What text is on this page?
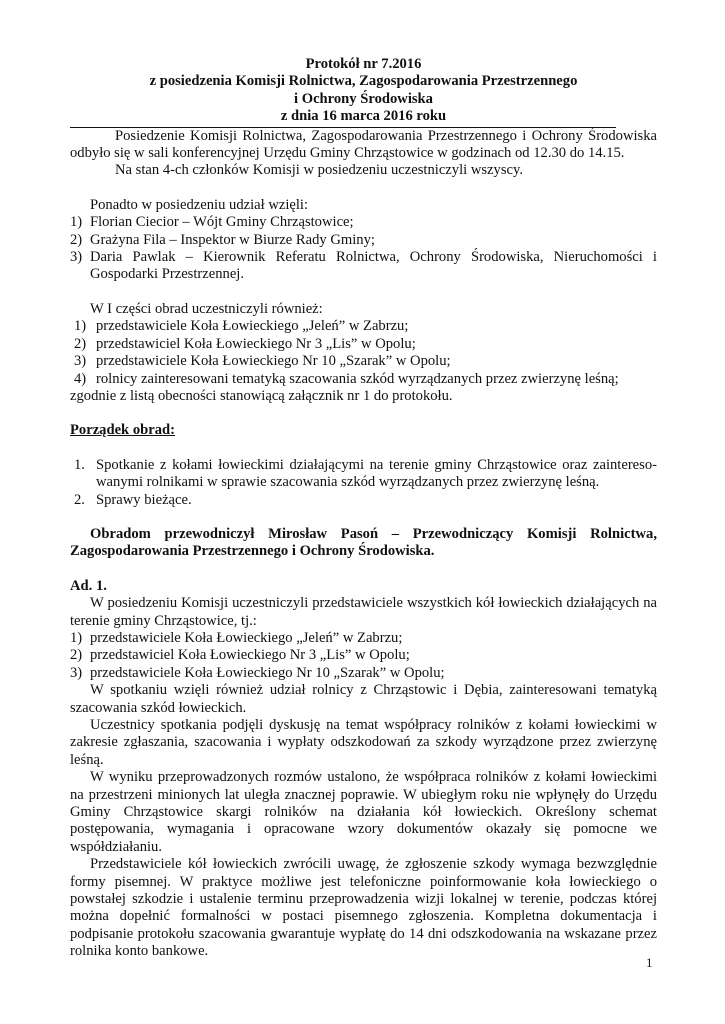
Protokół nr 7.2016

z posiedzenia Komisji Rolnictwa, Zagospodarowania Przestrzennego

i Ochrony Środowiska

z dnia 16 marca 2016 roku

Posiedzenie Komisji Rolnictwa, Zagospodarowania Przestrzennego i Ochrony Środowiska odbyło się w sali konferencyjnej Urzędu Gminy Chrząstowice w godzinach od 12.30 do 14.15.

Na stan 4-ch członków Komisji w posiedzeniu uczestniczyli wszyscy.

Ponadto w posiedzeniu udział wzięli:

1) Florian Ciecior – Wójt Gminy Chrząstowice;
2) Grażyna Fila – Inspektor w Biurze Rady Gminy;
3) Daria Pawlak – Kierownik Referatu Rolnictwa, Ochrony Środowiska, Nieruchomości i Gospodarki Przestrzennej.

W I części obrad uczestniczyli również:

1) przedstawiciele Koła Łowieckiego „Jeleń” w Zabrzu;
2) przedstawiciel Koła Łowieckiego Nr 3 „Lis” w Opolu;
3) przedstawiciele Koła Łowieckiego Nr 10 „Szarak” w Opolu;
4) rolnicy zainteresowani tematyką szacowania szkód wyrządzanych przez zwierzynę leśną;

zgodnie z listą obecności stanowiącą załącznik nr 1 do protokołu.

Porządek obrad:

1. Spotkanie z kołami łowieckimi działającymi na terenie gminy Chrząstowice oraz zaintereso-wanymi rolnikami w sprawie szacowania szkód wyrządzanych przez zwierzynę leśną.
2. Sprawy bieżące.

Obradom przewodniczył Mirosław Pasoń – Przewodniczący Komisji Rolnictwa, Zagospodarowania Przestrzennego i Ochrony Środowiska.

Ad. 1.

W posiedzeniu Komisji uczestniczyli przedstawiciele wszystkich kół łowieckich działających na terenie gminy Chrząstowice, tj.:

1) przedstawiciele Koła Łowieckiego „Jeleń” w Zabrzu;
2) przedstawiciel Koła Łowieckiego Nr 3 „Lis” w Opolu;
3) przedstawiciele Koła Łowieckiego Nr 10 „Szarak” w Opolu;

W spotkaniu wzięli również udział rolnicy z Chrząstowic i Dębia, zainteresowani tematyką szacowania szkód łowieckich.

Uczestnicy spotkania podjęli dyskusję na temat współpracy rolników z kołami łowieckimi w zakresie zgłaszania, szacowania i wypłaty odszkodowań za szkody wyrządzone przez zwierzynę leśną.

W wyniku przeprowadzonych rozmów ustalono, że współpraca rolników z kołami łowieckimi na przestrzeni minionych lat uległa znacznej poprawie. W ubiegłym roku nie wpłynęły do Urzędu Gminy Chrząstowice skargi rolników na działania kół łowieckich. Określony schemat postępowania, wymagania i opracowane wzory dokumentów okazały się pomocne we współdziałaniu.

Przedstawiciele kół łowieckich zwrócili uwagę, że zgłoszenie szkody wymaga bezwzględnie formy pisemnej. W praktyce możliwe jest telefoniczne poinformowanie koła łowieckiego o powstałej szkodzie i ustalenie terminu przeprowadzenia wizji lokalnej w terenie, podczas której można dopełnić formalności w postaci pisemnego zgłoszenia. Kompletna dokumentacja i podpisanie protokołu szacowania gwarantuje wypłatę do 14 dni odszkodowania na wskazane przez rolnika konto bankowe.

1
